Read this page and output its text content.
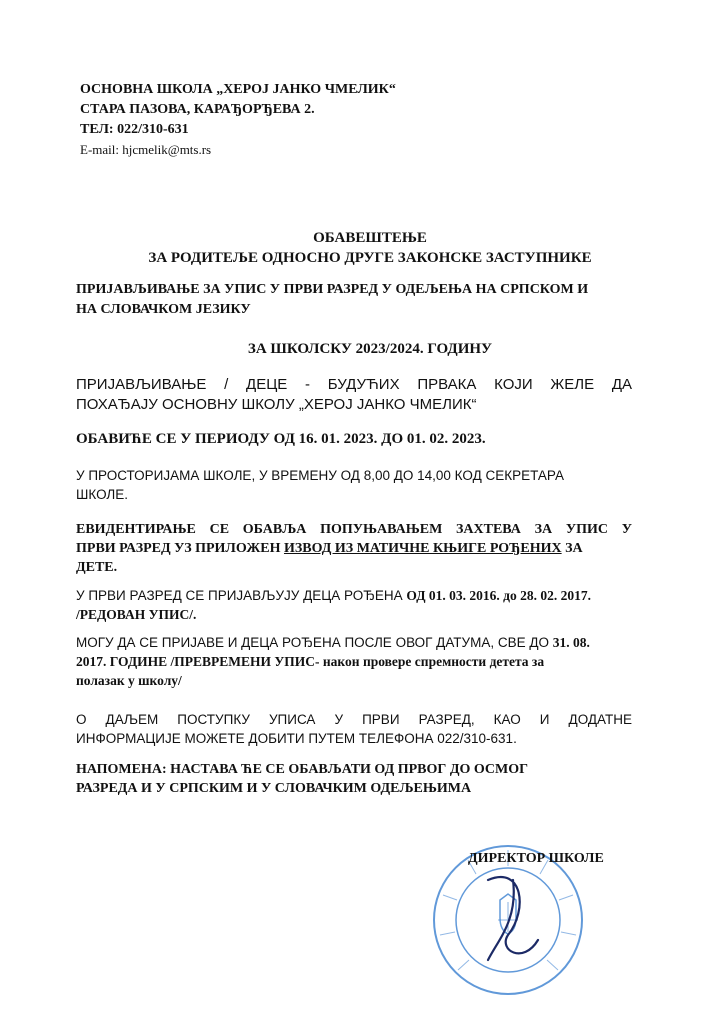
ОСНОВНА ШКОЛА „ХЕРОЈ ЈАНКО ЧМЕЛИК“
СТАРА ПАЗОВА, КАРАЂОРЂЕВА 2.
ТЕЛ: 022/310-631
E-mail: hjcmelik@mts.rs
ОБАВЕШТЕЊЕ
ЗА РОДИТЕЉЕ ОДНОСНО ДРУГЕ ЗАКОНСКЕ ЗАСТУПНИКЕ
ПРИЈАВЉИВАЊЕ ЗА УПИС У ПРВИ РАЗРЕД У ОДЕЉЕЊА НА СРПСКОМ И
НА СЛОВАЧКОМ ЈЕЗИКУ
ЗА ШКОЛСКУ 2023/2024. ГОДИНУ
ПРИЈАВЉИВАЊЕ / ДЕЦЕ - БУДУЋИХ ПРВАКА КОЈИ ЖЕЛЕ ДА
ПОХАЂАЈУ ОСНОВНУ ШКОЛУ „ХЕРОЈ ЈАНКО ЧМЕЛИК“
ОБАВИЋЕ СЕ У ПЕРИОДУ ОД 16. 01. 2023. ДО 01. 02. 2023.
У ПРОСТОРИЈАМА ШКОЛЕ, У ВРЕМЕНУ ОД 8,00 ДО 14,00 КОД СЕКРЕТАРА
ШКОЛЕ.
ЕВИДЕНТИРАЊЕ СЕ ОБАВЉА ПОПУЊАВАЊЕМ ЗАХТЕВА ЗА УПИС У
ПРВИ РАЗРЕД УЗ ПРИЛОЖЕН ИЗВОД ИЗ МАТИЧНЕ КЊИГЕ РОЂЕНИХ ЗА
ДЕТЕ.
У ПРВИ РАЗРЕД СЕ ПРИЈАВЉУЈУ ДЕЦА РОЂЕНА ОД 01. 03. 2016. до 28. 02. 2017.
/РЕДОВАН УПИС/.
МОГУ ДА СЕ ПРИЈАВЕ И ДЕЦА РОЂЕНА ПОСЛЕ ОВОГ ДАТУМА, СВЕ ДО 31. 08.
2017. ГОДИНЕ /ПРЕВРЕМЕНИ УПИС- након провере спремности детета за
полазак у школу/
О ДАЉЕМ ПОСТУПКУ УПИСА У ПРВИ РАЗРЕД, КАО И ДОДАТНЕ
ИНФОРМАЦИЈЕ МОЖЕТЕ ДОБИТИ ПУТЕМ ТЕЛЕФОНА 022/310-631.
НАПОМЕНА: НАСТАВА ЋЕ СЕ ОБАВЉАТИ ОД ПРВОГ ДО ОСМОГ
РАЗРЕДА И У СРПСКИМ И У СЛОВАЧКИМ ОДЕЉЕЊИМА
ДИРЕКТОР ШКОЛЕ
